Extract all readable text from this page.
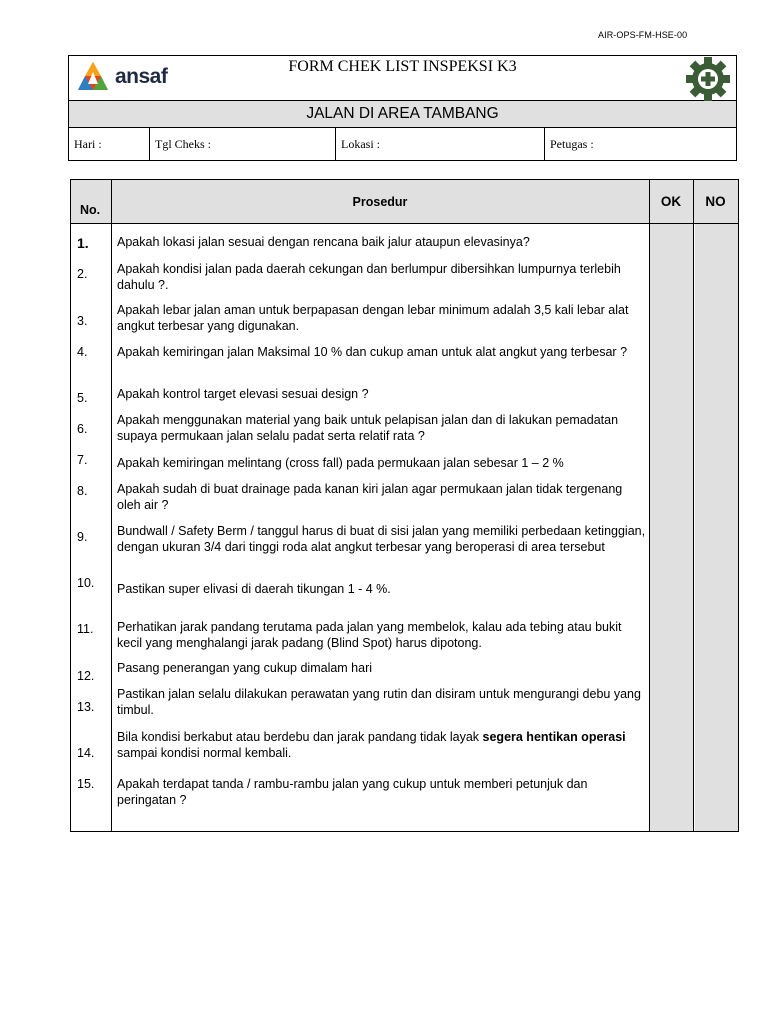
AIR-OPS-FM-HSE-00
ansaf	FORM CHEK LIST INSPEKSI K3
JALAN DI AREA TAMBANG
Hari :	Tgl Cheks :	Lokasi :	Petugas :
No.
Prosedur	OK	NO
1. Apakah lokasi jalan sesuai dengan rencana baik jalur ataupun elevasinya?
2. Apakah kondisi jalan pada daerah cekungan dan berlumpur dibersihkan lumpurnya terlebih dahulu ?.
3.
Apakah lebar jalan aman untuk berpapasan dengan lebar minimum adalah 3,5 kali lebar alat angkut terbesar yang digunakan.
4. Apakah kemiringan jalan Maksimal 10 % dan cukup aman untuk alat angkut yang terbesar ?
5. Apakah kontrol target elevasi sesuai design ?
6.
Apakah menggunakan material yang baik untuk pelapisan jalan dan di lakukan pemadatan supaya permukaan jalan selalu padat serta relatif rata ?
7. Apakah kemiringan melintang (cross fall) pada permukaan jalan sebesar 1 – 2 %
8. Apakah sudah di buat drainage pada kanan kiri jalan agar permukaan jalan tidak tergenang oleh air ?
9. Bundwall / Safety Berm / tanggul harus di buat di sisi jalan yang memiliki perbedaan ketinggian, dengan ukuran 3/4 dari tinggi roda alat angkut terbesar yang beroperasi di area tersebut
10. Pastikan super elivasi di daerah tikungan 1 - 4 %.
11. Perhatikan jarak pandang terutama pada jalan yang membelok, kalau ada tebing atau bukit kecil yang menghalangi jarak padang (Blind Spot) harus dipotong.
12.
Pasang penerangan yang cukup dimalam hari
13.
Pastikan jalan selalu dilakukan perawatan yang rutin dan disiram untuk mengurangi debu yang timbul.
14.
Bila kondisi berkabut atau berdebu dan jarak pandang tidak layak segera hentikan operasi sampai kondisi normal kembali.
15. Apakah terdapat tanda / rambu-rambu jalan yang cukup untuk memberi petunjuk dan peringatan ?
